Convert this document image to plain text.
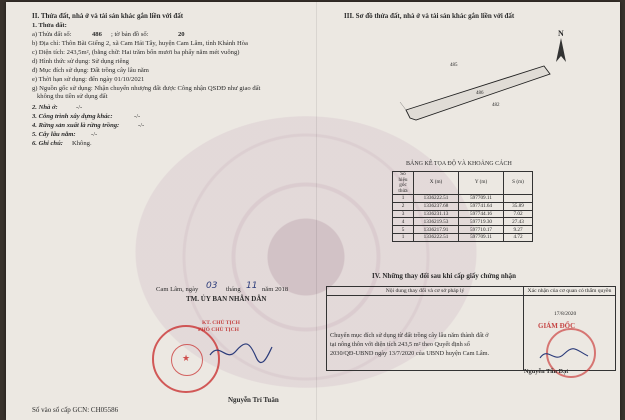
II. Thửa đất, nhà ở và tài sản khác gắn liền với đất
1. Thửa đất:
a) Thửa đất số:	486 ; tờ bản đồ số:	20
b) Địa chỉ: Thôn Bãi Giếng 2, xã Cam Hải Tây, huyện Cam Lâm, tỉnh Khánh Hòa
c) Diện tích: 243,5m², (bằng chữ: Hai trăm bốn mươi ba phẩy năm mét vuông)
d) Hình thức sử dụng: Sử dụng riêng
đ) Mục đích sử dụng: Đất trồng cây lâu năm
e) Thời hạn sử dụng: đến ngày 01/10/2021
g) Nguồn gốc sử dụng: Nhận chuyển nhượng đất được Công nhận QSDĐ như giao đất
không thu tiền sử dụng đất
2. Nhà ở:	-/-
3. Công trình xây dựng khác:	-/-
4. Rừng sản xuất là rừng trồng:	-/-
5. Cây lâu năm: -/-
6. Ghi chú: Không.
Cam Lâm, ngày 03 tháng 11 năm 2018
TM. ỦY BAN NHÂN DÂN
KT. CHỦ TỊCH
PHÓ CHỦ TỊCH
★
Nguyễn Trí Tuân
Số vào sổ cấp GCN: CH05586
III. Sơ đồ thửa đất, nhà ở và tài sản khác gắn liền với đất
N
486
485
482
BẢNG KÊ TỌA ĐỘ VÀ KHOẢNG CÁCH
Số hiệu góc thửa	X (m)	Y (m)	S (m)
1	1336222.51	597709.11	
2	1336237.68	597741.64	35.89
3	1336231.13	597744.16	7.02
4	1336219.53	597719.30	27.43
5	1336217.91	597710.17	9.27
1	1336222.51	597709.11	4.72
IV. Những thay đổi sau khi cấp giấy chứng nhận
Nội dung thay đổi và cơ sở pháp lý	Xác nhận của cơ quan có thẩm quyền

Chuyển mục đích sử dụng từ đất trồng cây lâu năm thành đất ở
tại nông thôn với diện tích 243,5 m² theo Quyết định số
2030/QĐ-UBND ngày 13/7/2020 của UBND huyện Cam Lâm.
17/8/2020
GIÁM ĐỐC
Nguyễn Tấn Đạt
